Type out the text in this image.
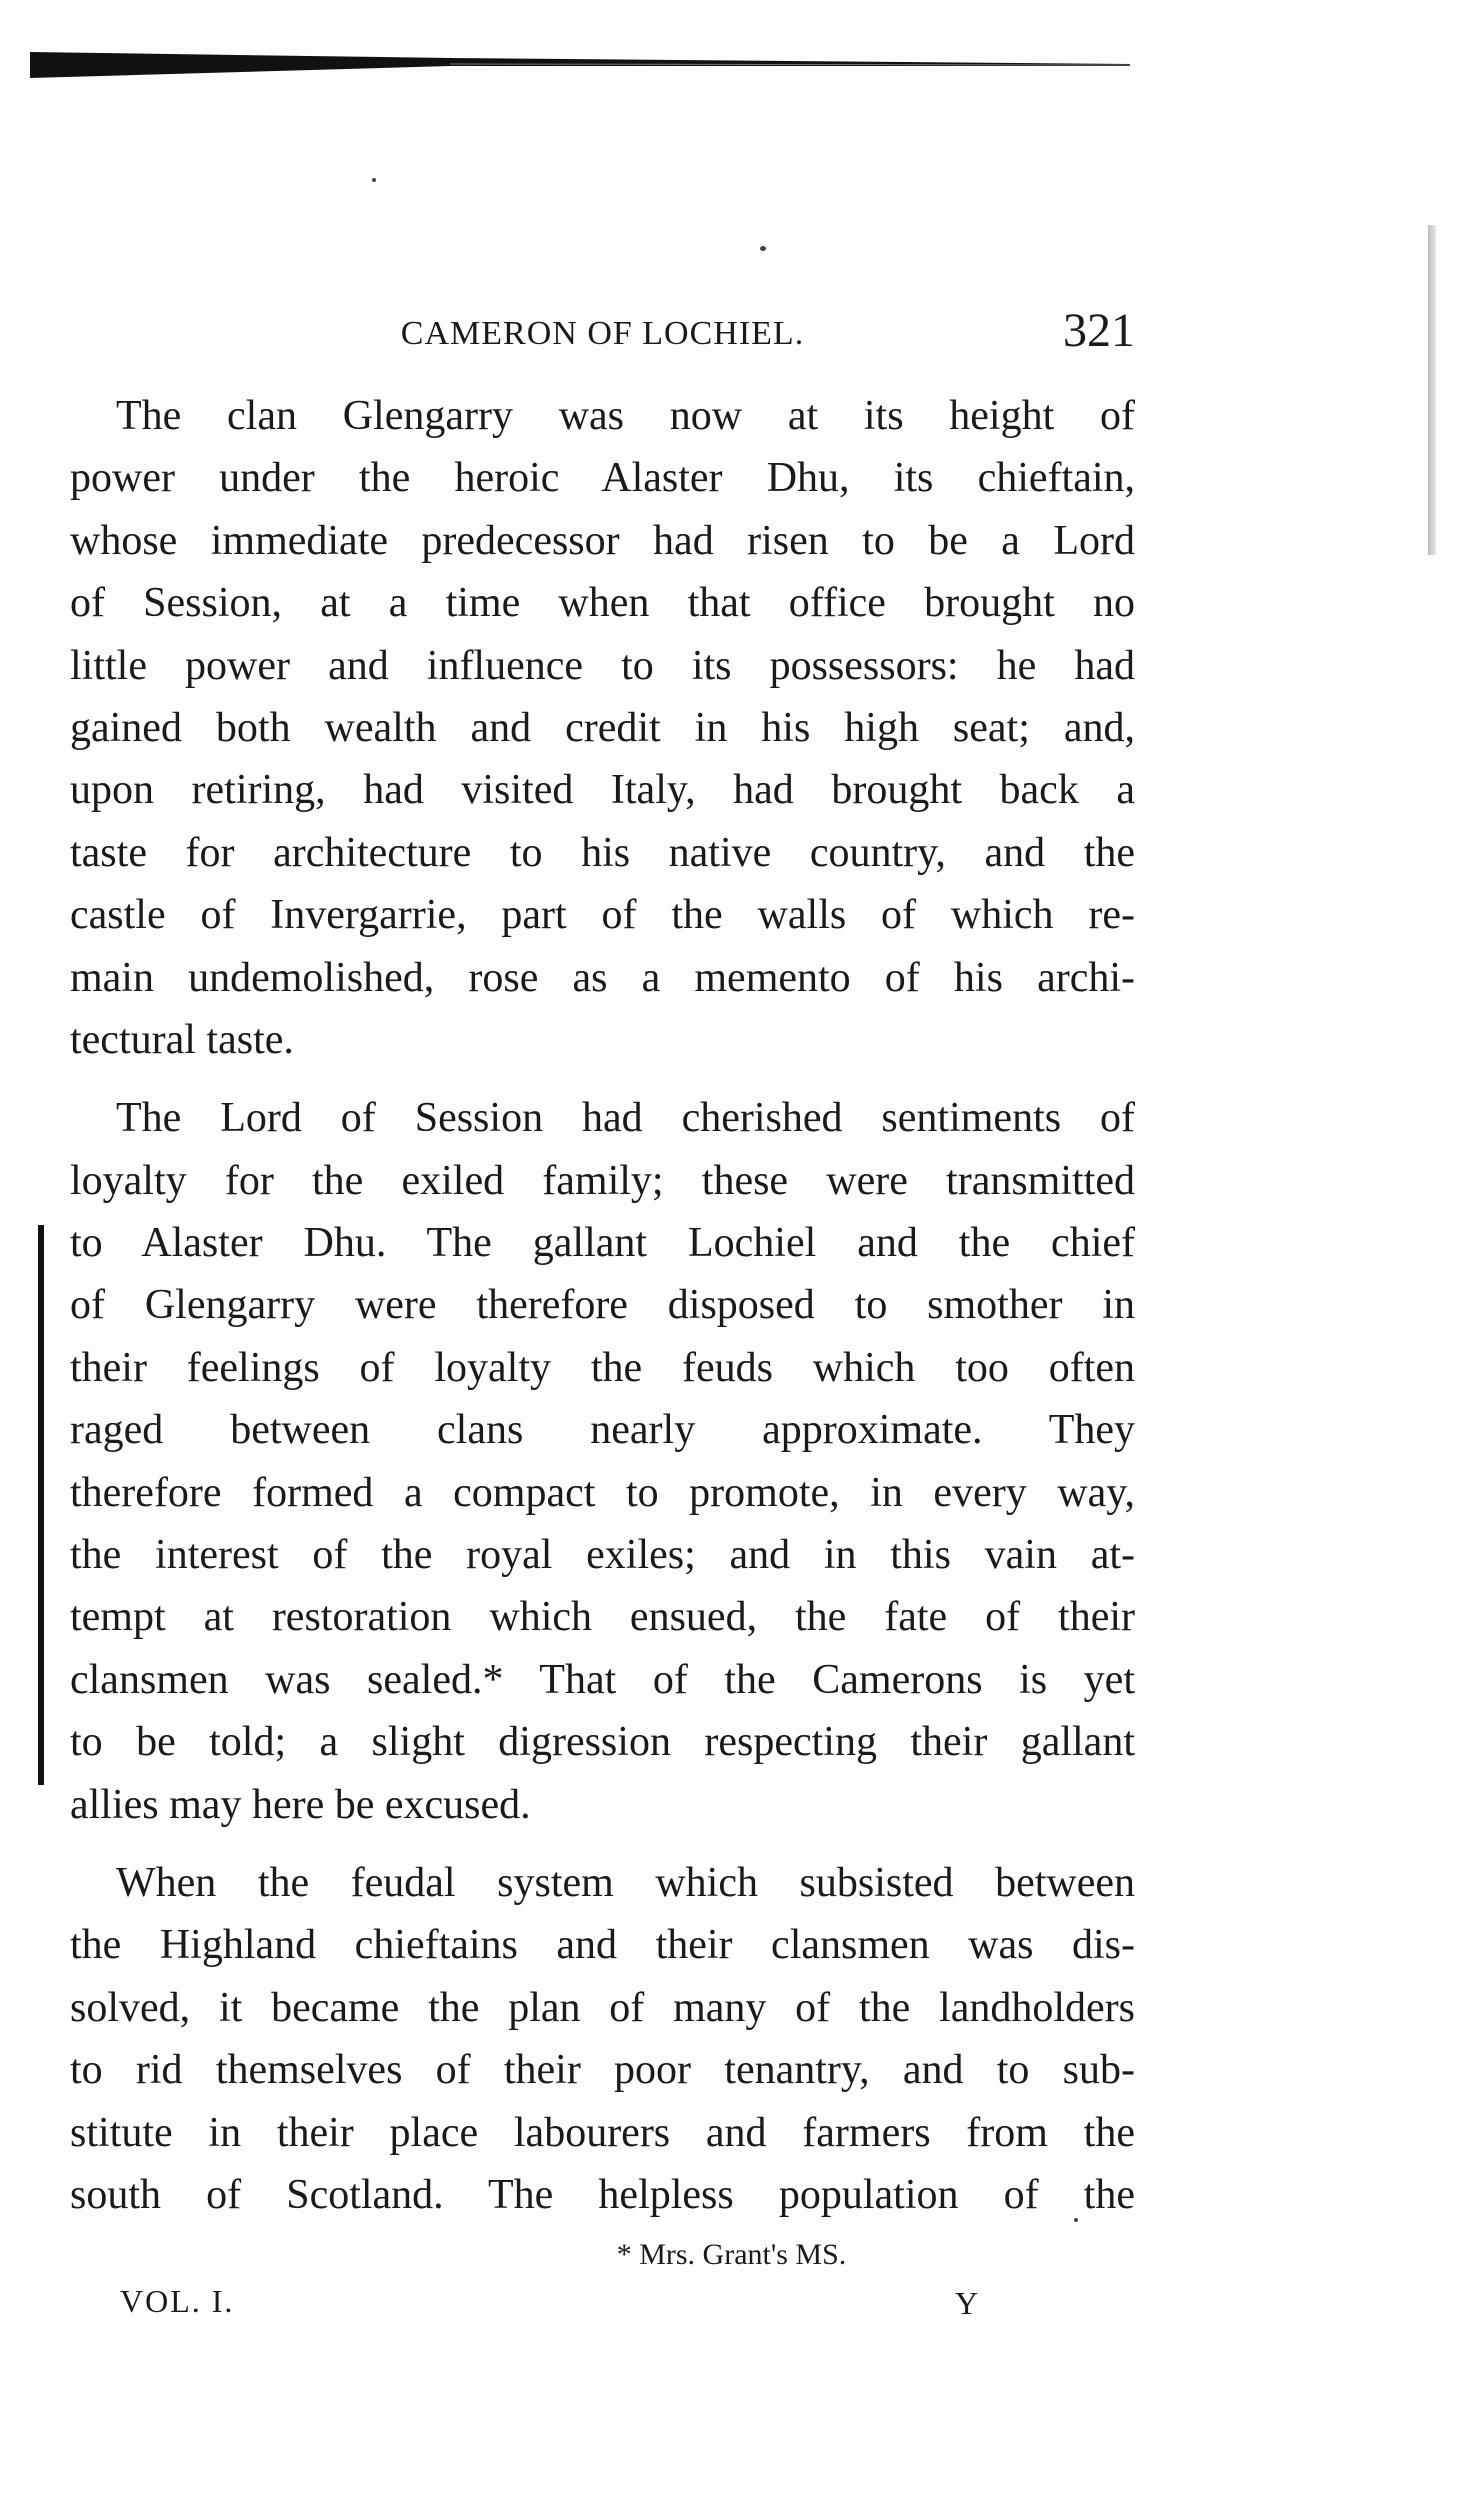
CAMERON OF LOCHIEL.	321
The clan Glengarry was now at its height of
power under the heroic Alaster Dhu, its chieftain,
whose immediate predecessor had risen to be a Lord
of Session, at a time when that office brought no
little power and influence to its possessors: he had
gained both wealth and credit in his high seat; and,
upon retiring, had visited Italy, had brought back a
taste for architecture to his native country, and the
castle of Invergarrie, part of the walls of which re-
main undemolished, rose as a memento of his archi-
tectural taste.
The Lord of Session had cherished sentiments of
loyalty for the exiled family; these were transmitted
to Alaster Dhu. The gallant Lochiel and the chief
of Glengarry were therefore disposed to smother in
their feelings of loyalty the feuds which too often
raged between clans nearly approximate. They
therefore formed a compact to promote, in every way,
the interest of the royal exiles; and in this vain at-
tempt at restoration which ensued, the fate of their
clansmen was sealed.* That of the Camerons is yet
to be told; a slight digression respecting their gallant
allies may here be excused.
When the feudal system which subsisted between
the Highland chieftains and their clansmen was dis-
solved, it became the plan of many of the landholders
to rid themselves of their poor tenantry, and to sub-
stitute in their place labourers and farmers from the
south of Scotland. The helpless population of the
* Mrs. Grant's MS.
VOL. I.	Y
